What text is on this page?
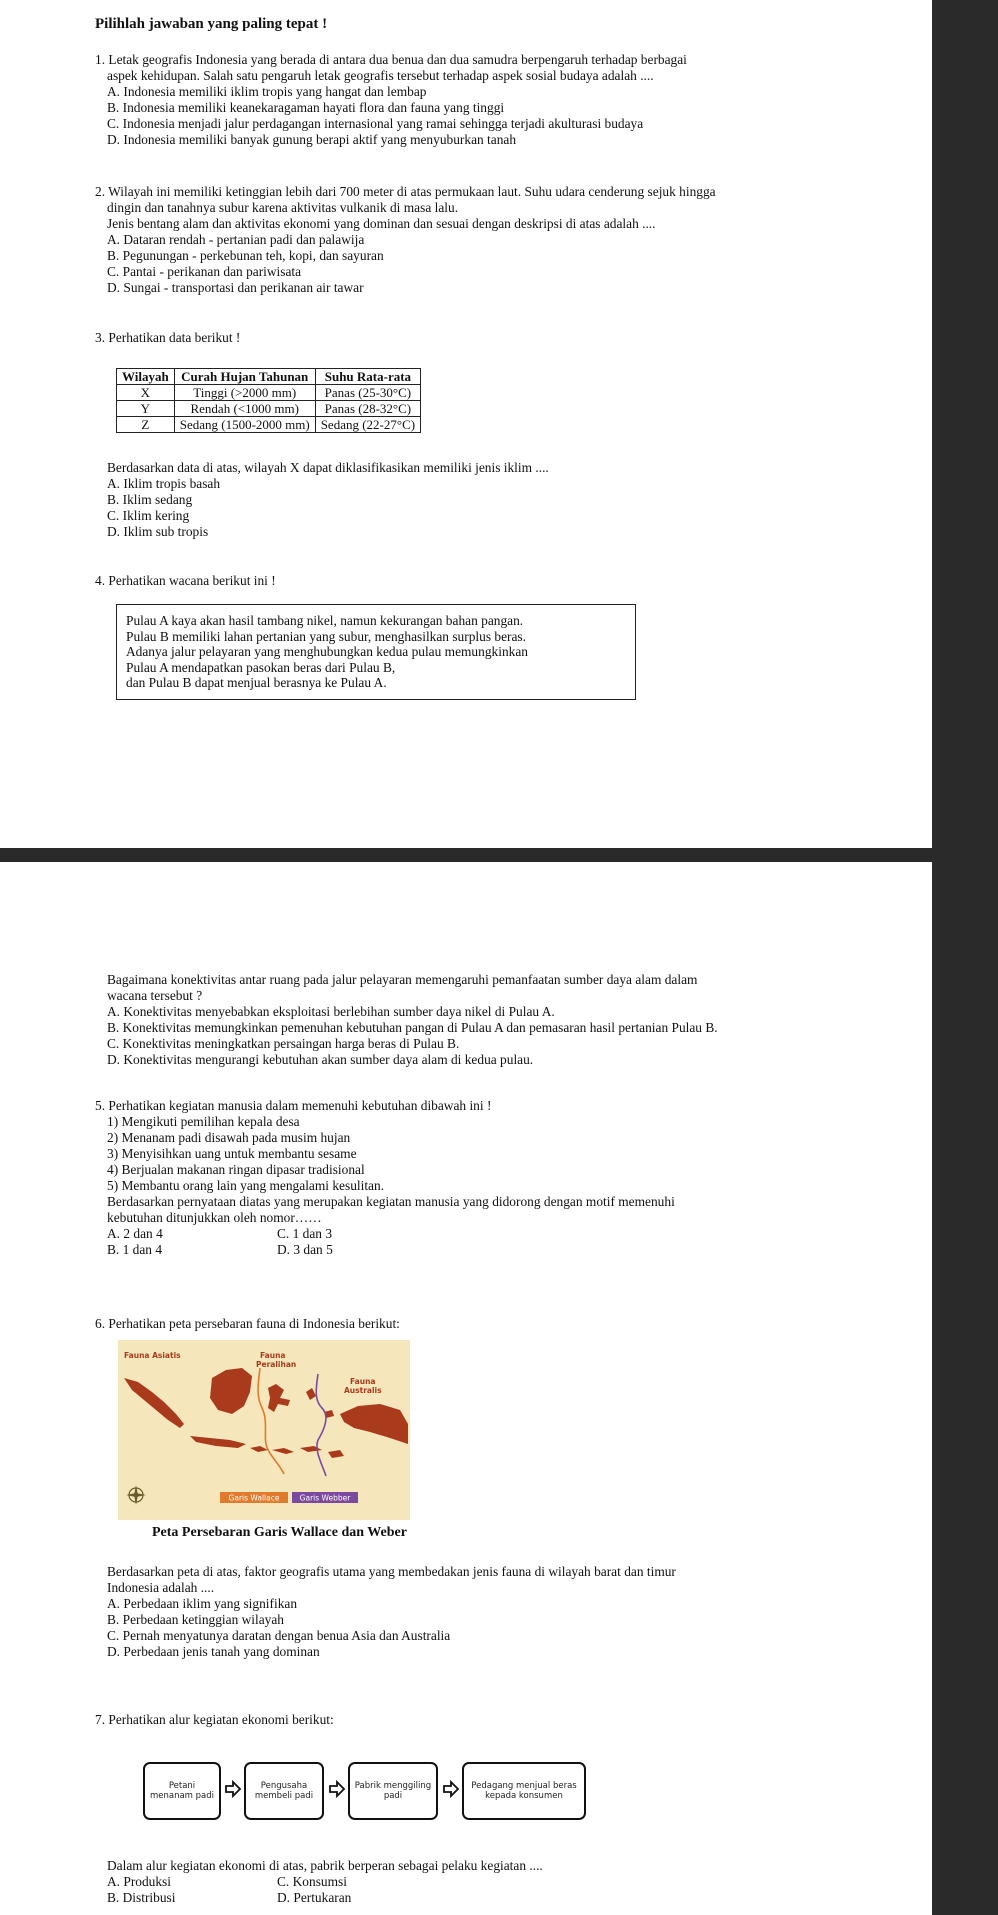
Pilihlah jawaban yang paling tepat !

1. Letak geografis Indonesia yang berada di antara dua benua dan dua samudra berpengaruh terhadap berbagai

aspek kehidupan. Salah satu pengaruh letak geografis tersebut terhadap aspek sosial budaya adalah ....

A. Indonesia memiliki iklim tropis yang hangat dan lembap

B. Indonesia memiliki keanekaragaman hayati flora dan fauna yang tinggi

C. Indonesia menjadi jalur perdagangan internasional yang ramai sehingga terjadi akulturasi budaya

D. Indonesia memiliki banyak gunung berapi aktif yang menyuburkan tanah

2. Wilayah ini memiliki ketinggian lebih dari 700 meter di atas permukaan laut. Suhu udara cenderung sejuk hingga

dingin dan tanahnya subur karena aktivitas vulkanik di masa lalu.

Jenis bentang alam dan aktivitas ekonomi yang dominan dan sesuai dengan deskripsi di atas adalah ....

A. Dataran rendah - pertanian padi dan palawija

B. Pegunungan - perkebunan teh, kopi, dan sayuran

C. Pantai - perikanan dan pariwisata

D. Sungai - transportasi dan perikanan air tawar

3. Perhatikan data berikut !
Wilayah	Curah Hujan Tahunan	Suhu Rata-rata
X	Tinggi (>2000 mm)	Panas (25-30°C)
Y	Rendah (<1000 mm)	Panas (28-32°C)
Z	Sedang (1500-2000 mm)	Sedang (22-27°C)

Berdasarkan data di atas, wilayah X dapat diklasifikasikan memiliki jenis iklim ....

A. Iklim tropis basah

B. Iklim sedang

C. Iklim kering

D. Iklim sub tropis

4. Perhatikan wacana berikut ini !
Pulau A kaya akan hasil tambang nikel, namun kekurangan bahan pangan.
Pulau B memiliki lahan pertanian yang subur, menghasilkan surplus beras.
Adanya jalur pelayaran yang menghubungkan kedua pulau memungkinkan
Pulau A mendapatkan pasokan beras dari Pulau B,
dan Pulau B dapat menjual berasnya ke Pulau A.

Bagaimana konektivitas antar ruang pada jalur pelayaran memengaruhi pemanfaatan sumber daya alam dalam

wacana tersebut ?

A. Konektivitas menyebabkan eksploitasi berlebihan sumber daya nikel di Pulau A.

B. Konektivitas memungkinkan pemenuhan kebutuhan pangan di Pulau A dan pemasaran hasil pertanian Pulau B.

C. Konektivitas meningkatkan persaingan harga beras di Pulau B.

D. Konektivitas mengurangi kebutuhan akan sumber daya alam di kedua pulau.

5. Perhatikan kegiatan manusia dalam memenuhi kebutuhan dibawah ini !

1) Mengikuti pemilihan kepala desa

2) Menanam padi disawah pada musim hujan

3) Menyisihkan uang untuk membantu sesame

4) Berjualan makanan ringan dipasar tradisional

5) Membantu orang lain yang mengalami kesulitan.

Berdasarkan pernyataan diatas yang merupakan kegiatan manusia yang didorong dengan motif memenuhi

kebutuhan ditunjukkan oleh nomor……

A. 2 dan 4	C. 1 dan 3
B. 1 dan 4	D. 3 dan 5
6. Perhatikan peta persebaran fauna di Indonesia berikut:
Fauna Asiatis	Fauna
Peralihan
Fauna
Australis
Garis Wallace	Garis Webber
Peta Persebaran Garis Wallace dan Weber

Berdasarkan peta di atas, faktor geografis utama yang membedakan jenis fauna di wilayah barat dan timur

Indonesia adalah ....

A. Perbedaan iklim yang signifikan

B. Perbedaan ketinggian wilayah

C. Pernah menyatunya daratan dengan benua Asia dan Australia

D. Perbedaan jenis tanah yang dominan

7. Perhatikan alur kegiatan ekonomi berikut:
Petani menanam padi
Pengusaha membeli padi
Pabrik menggiling padi
Pedagang menjual beras kepada konsumen

Dalam alur kegiatan ekonomi di atas, pabrik berperan sebagai pelaku kegiatan ....

A. Produksi	C. Konsumsi
B. Distribusi	D. Pertukaran
